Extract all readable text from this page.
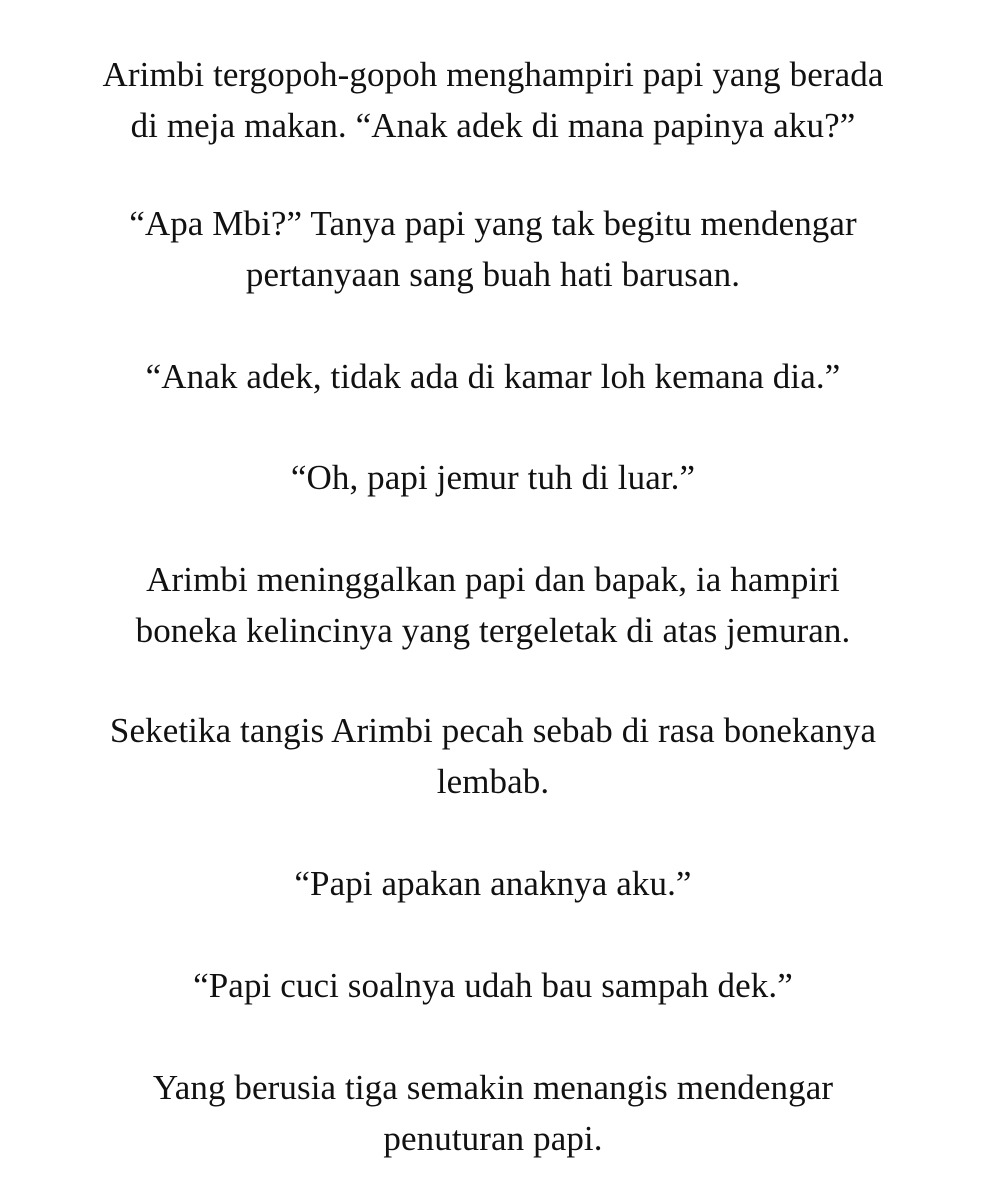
Arimbi tergopoh-gopoh menghampiri papi yang berada
di meja makan. “Anak adek di mana papinya aku?”

“Apa Mbi?” Tanya papi yang tak begitu mendengar
pertanyaan sang buah hati barusan.

“Anak adek, tidak ada di kamar loh kemana dia.”

“Oh, papi jemur tuh di luar.”

Arimbi meninggalkan papi dan bapak, ia hampiri
boneka kelincinya yang tergeletak di atas jemuran.

Seketika tangis Arimbi pecah sebab di rasa bonekanya
lembab.

“Papi apakan anaknya aku.”

“Papi cuci soalnya udah bau sampah dek.”

Yang berusia tiga semakin menangis mendengar
penuturan papi.
